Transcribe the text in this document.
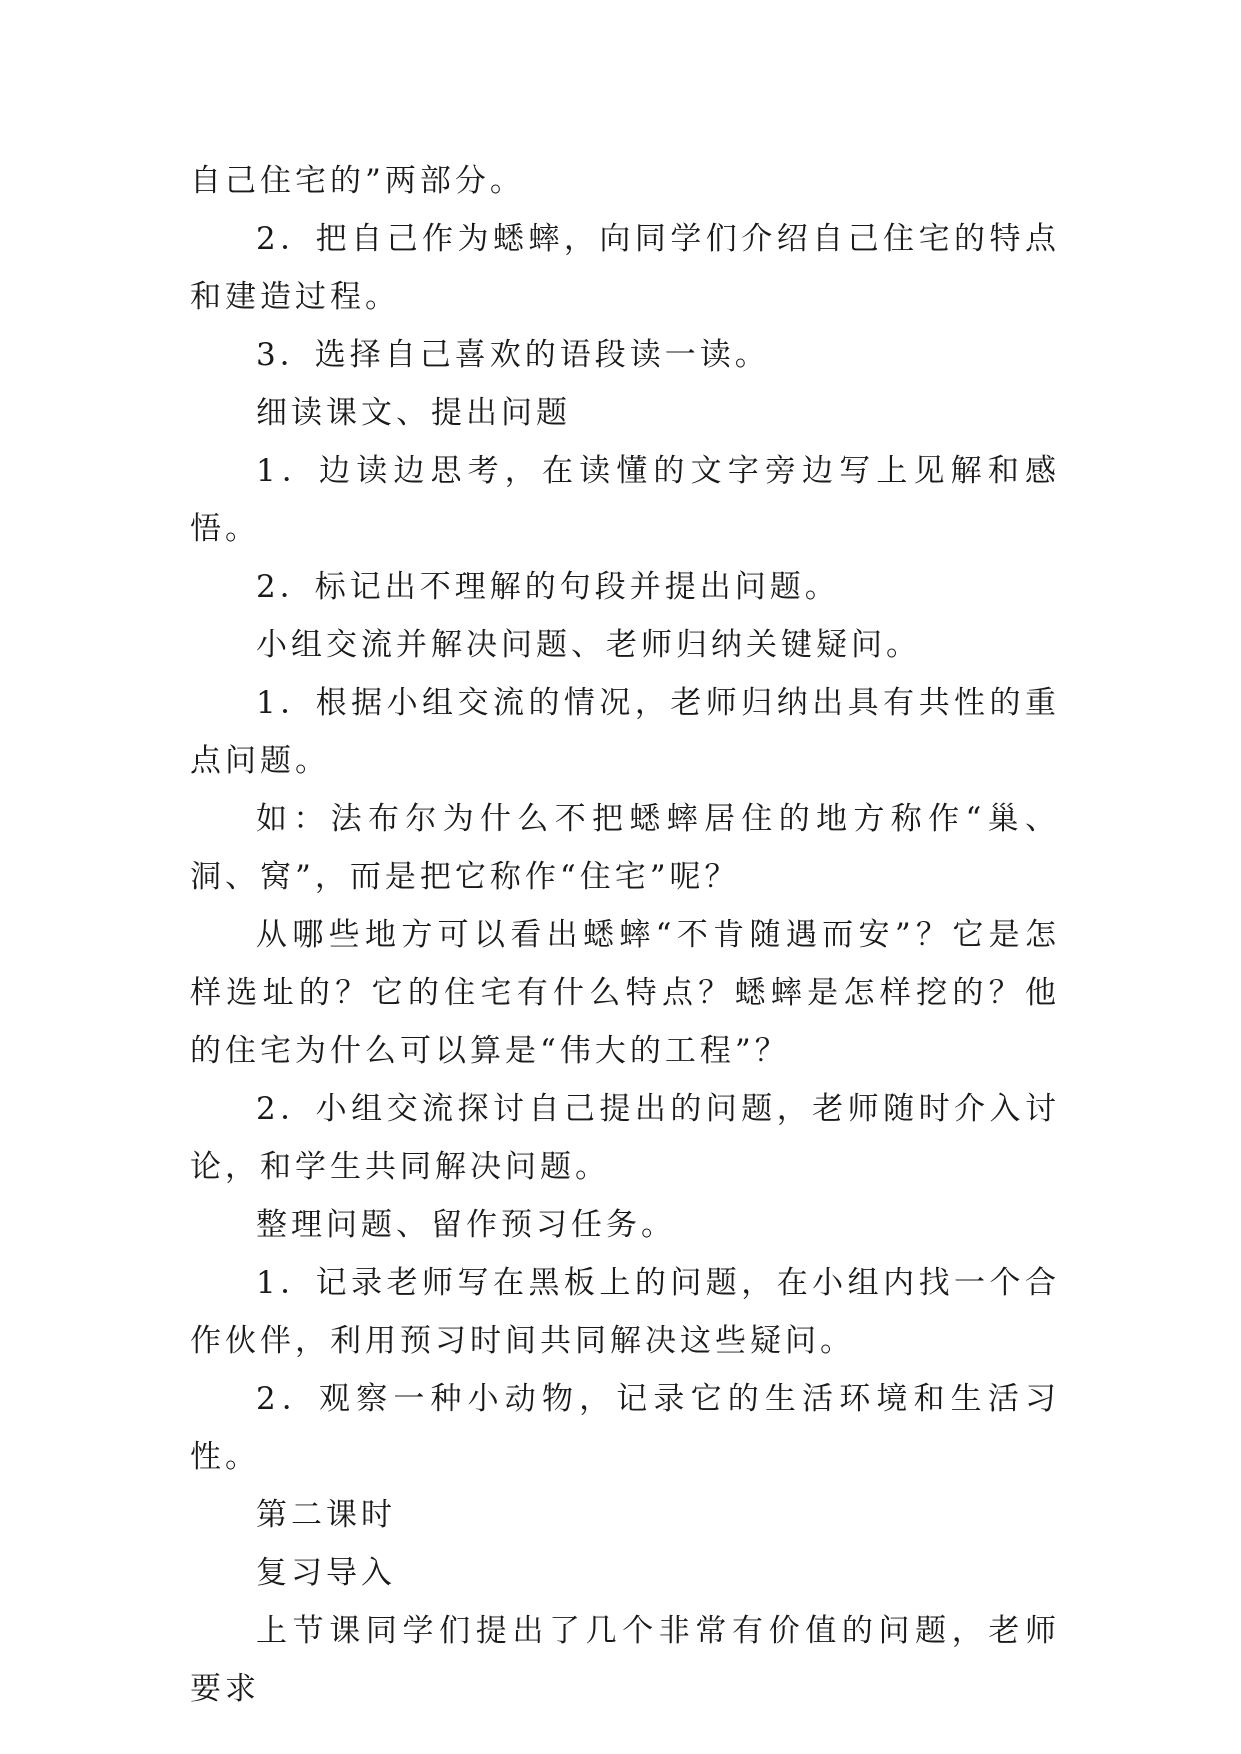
自己住宅的”两部分。

2．把自己作为蟋蟀，向同学们介绍自己住宅的特点和建造过程。

3．选择自己喜欢的语段读一读。

细读课文、提出问题

1．边读边思考，在读懂的文字旁边写上见解和感悟。

2．标记出不理解的句段并提出问题。

小组交流并解决问题、老师归纳关键疑问。

1．根据小组交流的情况，老师归纳出具有共性的重点问题。

如：法布尔为什么不把蟋蟀居住的地方称作“巢、洞、窝”，而是把它称作“住宅”呢？

从哪些地方可以看出蟋蟀“不肯随遇而安”？它是怎样选址的？它的住宅有什么特点？蟋蟀是怎样挖的？他的住宅为什么可以算是“伟大的工程”？

2．小组交流探讨自己提出的问题，老师随时介入讨论，和学生共同解决问题。

整理问题、留作预习任务。

1．记录老师写在黑板上的问题，在小组内找一个合作伙伴，利用预习时间共同解决这些疑问。

2．观察一种小动物，记录它的生活环境和生活习性。

第二课时

复习导入

上节课同学们提出了几个非常有价值的问题，老师要求
